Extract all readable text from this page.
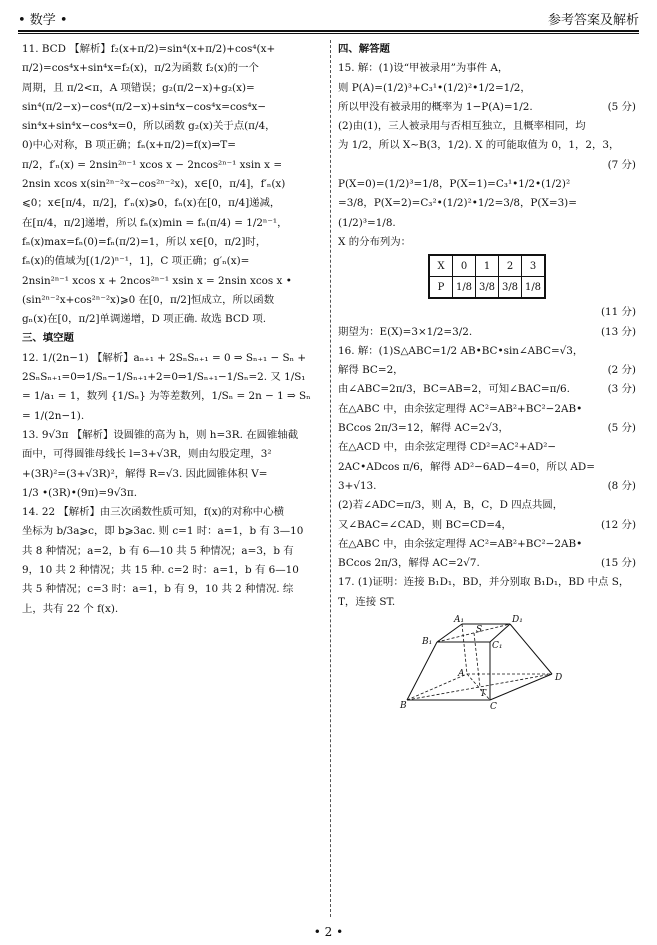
• 数学 •	参考答案及解析
11. BCD 【解析】f₂(x+π/2)=sin⁴(x+π/2)+cos⁴(x+
π/2)=cos⁴x+sin⁴x=f₂(x)，π/2为函数 f₂(x)的一个
周期，且 π/2<π，A 项错误；g₂(π/2−x)+g₂(x)=
sin⁴(π/2−x)−cos⁴(π/2−x)+sin⁴x−cos⁴x=cos⁴x−
sin⁴x+sin⁴x−cos⁴x=0，所以函数 g₂(x)关于点(π/4，
0)中心对称，B 项正确；fₙ(x+π/2)=f(x)⇒T=
π/2，f′ₙ(x) = 2nsin²ⁿ⁻¹ xcos x − 2ncos²ⁿ⁻¹ xsin x =
2nsin xcos x(sin²ⁿ⁻²x−cos²ⁿ⁻²x)，x∈[0，π/4]，f′ₙ(x)
⩽0；x∈[π/4，π/2]，f′ₙ(x)⩾0，fₙ(x)在[0，π/4]递减，
在[π/4，π/2]递增，所以 fₙ(x)min = fₙ(π/4) = 1/2ⁿ⁻¹，
fₙ(x)max=fₙ(0)=fₙ(π/2)=1，所以 x∈[0，π/2]时，
fₙ(x)的值域为[(1/2)ⁿ⁻¹，1]，C 项正确；g′ₙ(x)=
2nsin²ⁿ⁻¹ xcos x + 2ncos²ⁿ⁻¹ xsin x = 2nsin xcos x •
(sin²ⁿ⁻²x+cos²ⁿ⁻²x)⩾0 在[0，π/2]恒成立，所以函数
gₙ(x)在[0，π/2]单调递增，D 项正确. 故选 BCD 项.
三、填空题
12. 1/(2n−1) 【解析】aₙ₊₁ + 2SₙSₙ₊₁ = 0 ⇒ Sₙ₊₁ − Sₙ +
2SₙSₙ₊₁=0⇒1/Sₙ−1/Sₙ₊₁+2=0⇒1/Sₙ₊₁−1/Sₙ=2. 又 1/S₁
= 1/a₁ = 1，数列 {1/Sₙ} 为等差数列，1/Sₙ = 2n − 1 ⇒ Sₙ
= 1/(2n−1).
13. 9√3π 【解析】设圆锥的高为 h，则 h=3R. 在圆锥轴截
面中，可得圆锥母线长 l=3+√3R，则由勾股定理，3²
+(3R)²=(3+√3R)²，解得 R=√3. 因此圆锥体积 V=
1/3 •(3R)•(9π)=9√3π.
14. 22 【解析】由三次函数性质可知，f(x)的对称中心横
坐标为 b/3a⩾c，即 b⩾3ac. 则 c=1 时：a=1，b 有 3—10
共 8 种情况；a=2，b 有 6—10 共 5 种情况；a=3，b 有
9，10 共 2 种情况；共 15 种. c=2 时：a=1，b 有 6—10
共 5 种情况；c=3 时：a=1，b 有 9，10 共 2 种情况. 综
上，共有 22 个 f(x).
四、解答题
15. 解：(1)设“甲被录用”为事件 A，
则 P(A)=(1/2)³+C₃¹•(1/2)²•1/2=1/2，
所以甲没有被录用的概率为 1−P(A)=1/2.	(5 分)
(2)由(1)，三人被录用与否相互独立，且概率相同，均
为 1/2，所以 X∼B(3，1/2). X 的可能取值为 0，1，2，3，
(7 分)
P(X=0)=(1/2)³=1/8，P(X=1)=C₃¹•1/2•(1/2)²
=3/8，P(X=2)=C₃²•(1/2)²•1/2=3/8，P(X=3)=
(1/2)³=1/8.
X 的分布列为：
X	0	1	2	3
P	1/8	3/8	3/8	1/8
(11 分)
期望为：E(X)=3×1/2=3/2.	(13 分)
16. 解：(1)S△ABC=1/2 AB•BC•sin∠ABC=√3，
解得 BC=2，	(2 分)
由∠ABC=2π/3，BC=AB=2，可知∠BAC=π/6.	(3 分)
在△ABC 中，由余弦定理得 AC²=AB²+BC²−2AB•
BCcos 2π/3=12，解得 AC=2√3，	(5 分)
在△ACD 中，由余弦定理得 CD²=AC²+AD²−
2AC•ADcos π/6，解得 AD²−6AD−4=0，所以 AD=
3+√13.	(8 分)
(2)若∠ADC=π/3，则 A，B，C，D 四点共圆，
又∠BAC=∠CAD，则 BC=CD=4，	(12 分)
在△ABC 中，由余弦定理得 AC²=AB²+BC²−2AB•
BCcos 2π/3，解得 AC=2√7.	(15 分)
17. (1)证明：连接 B₁D₁，BD，并分别取 B₁D₁，BD 中点 S，
T，连接 ST.
A₁	D₁
B₁	C₁
S
A
T
D
B	C
• 2 •
